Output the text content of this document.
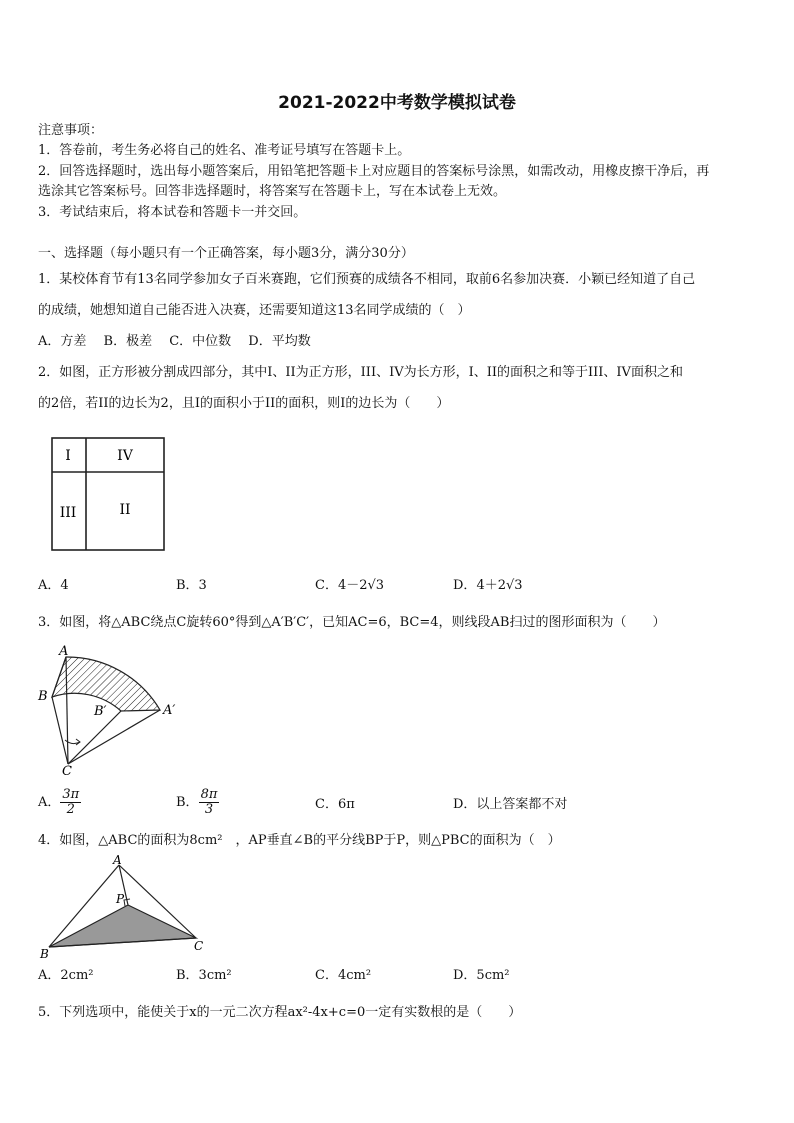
2021-2022中考数学模拟试卷
注意事项：
1．答卷前，考生务必将自己的姓名、准考证号填写在答题卡上。
2．回答选择题时，选出每小题答案后，用铅笔把答题卡上对应题目的答案标号涂黑，如需改动，用橡皮擦干净后，再
选涂其它答案标号。回答非选择题时，将答案写在答题卡上，写在本试卷上无效。
3．考试结束后，将本试卷和答题卡一并交回。
一、选择题（每小题只有一个正确答案，每小题3分，满分30分）
1．某校体育节有13名同学参加女子百米赛跑，它们预赛的成绩各不相同，取前6名参加决赛．小颖已经知道了自己
的成绩，她想知道自己能否进入决赛，还需要知道这13名同学成绩的（　）
A．方差　 B．极差　 C．中位数　 D．平均数
2．如图，正方形被分割成四部分，其中I、II为正方形，III、IV为长方形，I、II的面积之和等于III、IV面积之和
的2倍，若II的边长为2，且I的面积小于II的面积，则I的边长为（　　）
I	IV
III	II
A．4	B．3	C．4－2√3	D．4＋2√3
3．如图，将△ABC绕点C旋转60°得到△A′B′C′，已知AC=6，BC=4，则线段AB扫过的图形面积为（　　）
A
B
C
A′
B′
A． $\frac{3\pi}{2}$	B． $\frac{8\pi}{3}$	C．6π	D．以上答案都不对
4．如图，△ABC的面积为8cm²　，AP垂直∠B的平分线BP于P，则△PBC的面积为（　）
A
P
B
C
A．2cm²	B．3cm²	C．4cm²	D．5cm²
5．下列选项中，能使关于x的一元二次方程ax²-4x+c=0一定有实数根的是（　　）
